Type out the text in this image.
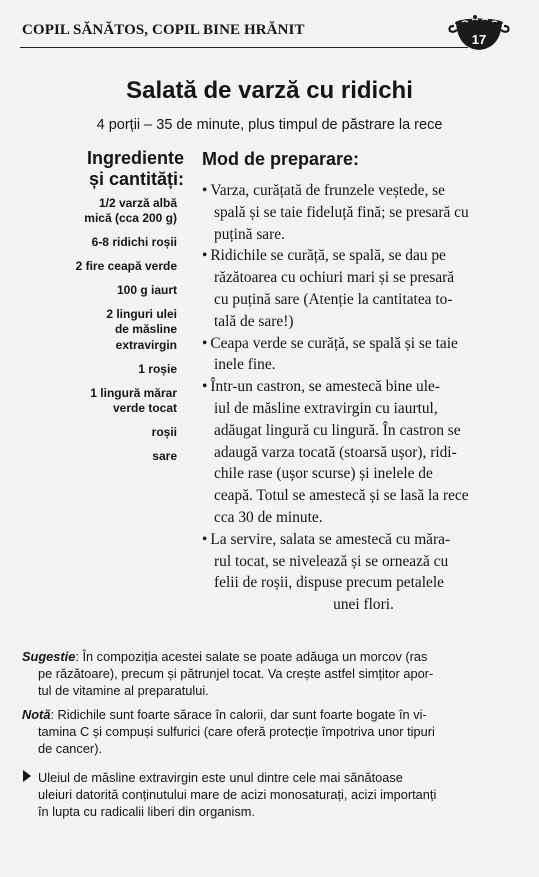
COPIL SĂNĂTOS, COPIL BINE HRĂNIT
17
Salată de varză cu ridichi
4 porții – 35 de minute, plus timpul de păstrare la rece
Ingrediente
și cantități:
1/2 varză albă
mică (cca 200 g)
6-8 ridichi roșii
2 fire ceapă verde
100 g iaurt
2 linguri ulei
de măsline
extravirgin
1 roșie
1 lingură mărar
verde tocat
roșii
sare
Mod de preparare:

• Varza, curățată de frunzele veștede, se
spală și se taie fideluță fină; se presară cu
puțină sare.

• Ridichile se curăță, se spală, se dau pe
răzătoarea cu ochiuri mari și se presară
cu puțină sare (Atenție la cantitatea to-
tală de sare!)

• Ceapa verde se curăță, se spală și se taie
inele fine.

• Într-un castron, se amestecă bine ule-
iul de măsline extravirgin cu iaurtul,
adăugat lingură cu lingură. În castron se
adaugă varza tocată (stoarsă ușor), ridi-
chile rase (ușor scurse) și inelele de
ceapă. Totul se amestecă și se lasă la rece
cca 30 de minute.

• La servire, salata se amestecă cu măra-
rul tocat, se nivelează și se ornează cu
felii de roșii, dispuse precum petalele
unei flori.

Sugestie: În compoziția acestei salate se poate adăuga un morcov (ras
pe răzătoare), precum și pătrunjel tocat. Va crește astfel simțitor apor-
tul de vitamine al preparatului.

Notă: Ridichile sunt foarte sărace în calorii, dar sunt foarte bogate în vi-
tamina C și compuși sulfurici (care oferă protecție împotriva unor tipuri
de cancer).

Uleiul de măsline extravirgin este unul dintre cele mai sănătoase
uleiuri datorită conținutului mare de acizi monosaturați, acizi importanți
în lupta cu radicalii liberi din organism.
